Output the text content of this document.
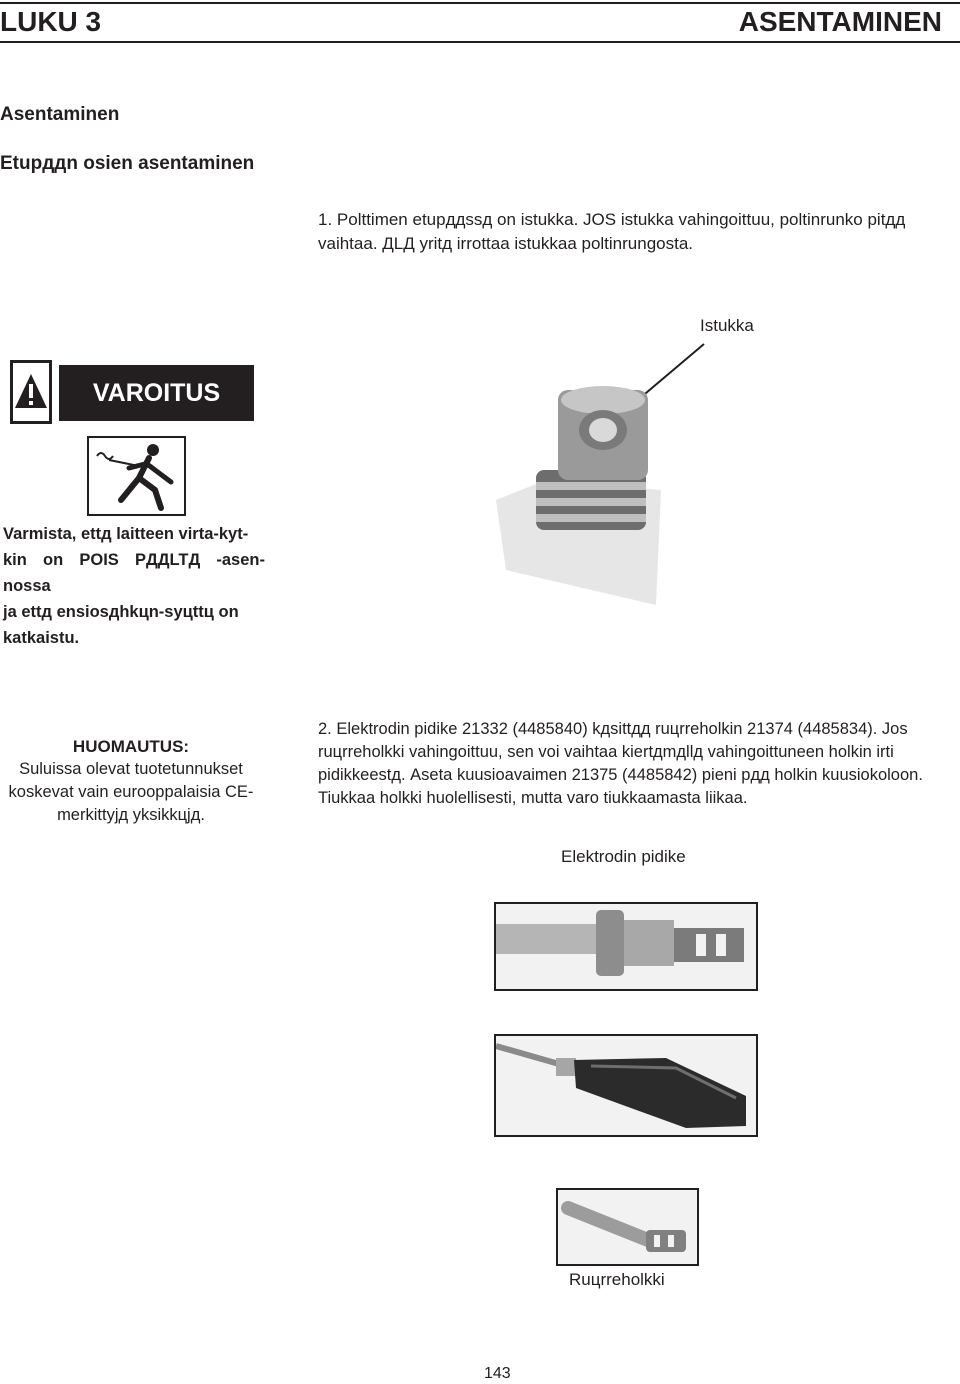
LUKU 3	ASENTAMINEN
Asentaminen
Etupддn osien asentaminen
1. Polttimen etupддssд on istukka. JOS istukka vahingoittuu, poltinrunko pitдд vaihtaa. ДLД yritд irrottaa istukkaa poltinrungosta.
Istukka
VAROITUS
Varmista, ettд laitteen virta-kyt-
kin on POIS PДДLTД -asen-nossa
ja ettд ensiosдhkцn-syцttц on
katkaistu.
HUOMAUTUS:
Suluissa olevat tuotetunnukset
koskevat vain eurooppalaisia CE-
merkittyjд yksikkцjд.
2. Elektrodin pidike 21332 (4485840) kдsittдд ruцrreholkin 21374 (4485834). Jos ruцrreholkki vahingoittuu, sen voi vaihtaa kiertдmдllд vahingoittuneen holkin irti pidikkeestд. Aseta kuusioavaimen 21375 (4485842) pieni pдд holkin kuusiokoloon. Tiukkaa holkki huolellisesti, mutta varo tiukkaamasta liikaa.
Elektrodin pidike
Ruцrreholkki
143
